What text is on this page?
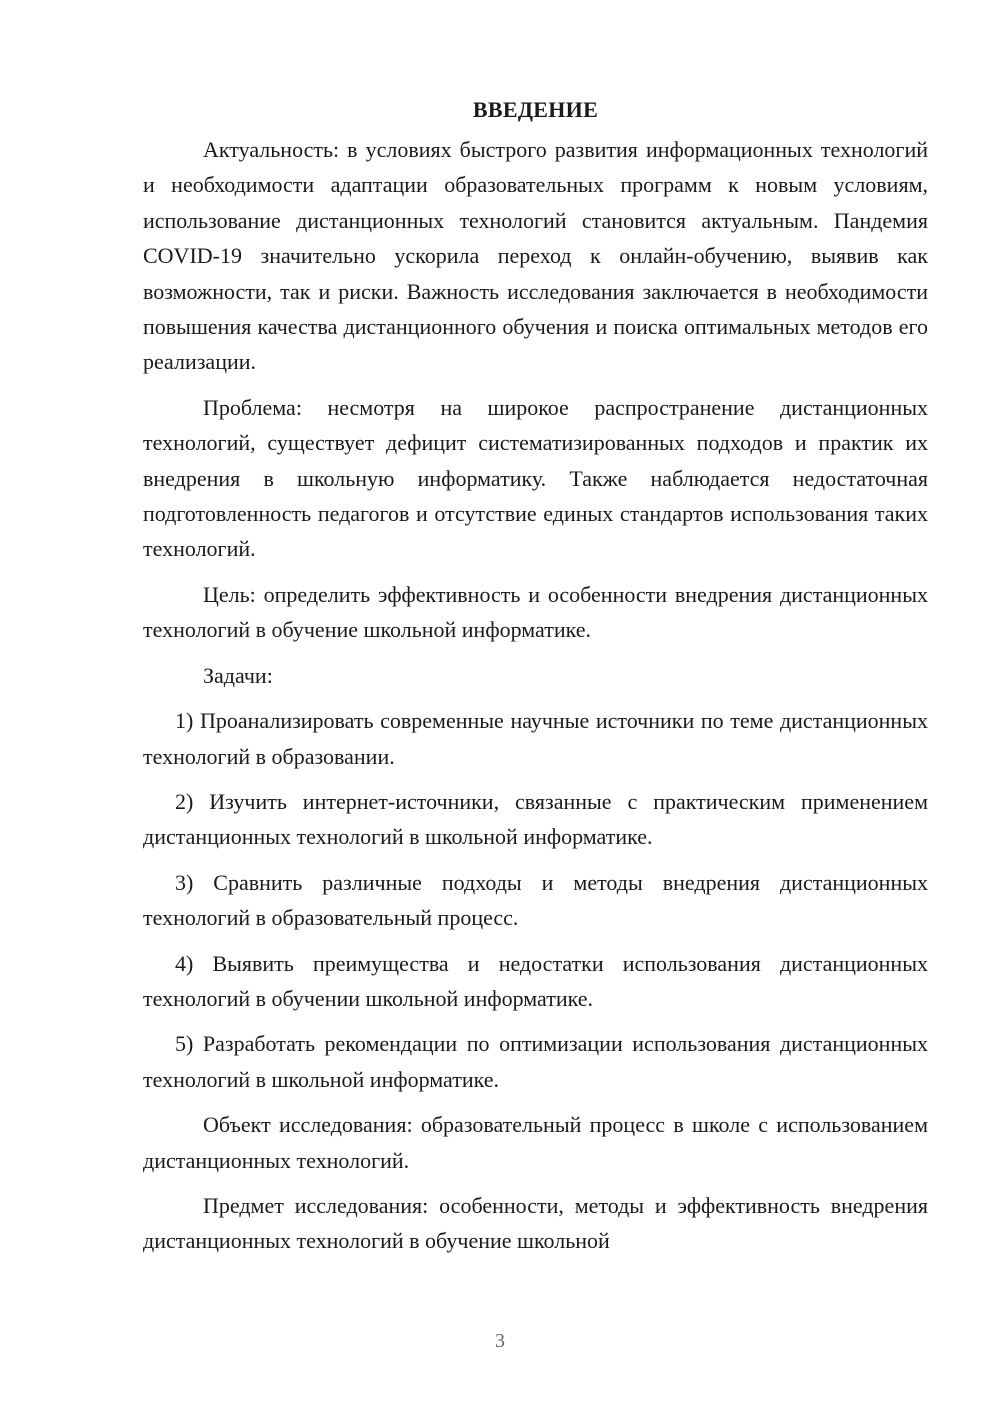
ВВЕДЕНИЕ

Актуальность: в условиях быстрого развития информационных технологий и необходимости адаптации образовательных программ к новым условиям, использование дистанционных технологий становится актуальным. Пандемия COVID-19 значительно ускорила переход к онлайн-обучению, выявив как возможности, так и риски. Важность исследования заключается в необходимости повышения качества дистанционного обучения и поиска оптимальных методов его реализации.

Проблема: несмотря на широкое распространение дистанционных технологий, существует дефицит систематизированных подходов и практик их внедрения в школьную информатику. Также наблюдается недостаточная подготовленность педагогов и отсутствие единых стандартов использования таких технологий.

Цель: определить эффективность и особенности внедрения дистанционных технологий в обучение школьной информатике.

Задачи:

1) Проанализировать современные научные источники по теме дистанционных технологий в образовании.

2) Изучить интернет-источники, связанные с практическим применением дистанционных технологий в школьной информатике.

3) Сравнить различные подходы и методы внедрения дистанционных технологий в образовательный процесс.

4) Выявить преимущества и недостатки использования дистанционных технологий в обучении школьной информатике.

5) Разработать рекомендации по оптимизации использования дистанционных технологий в школьной информатике.

Объект исследования: образовательный процесс в школе с использованием дистанционных технологий.

Предмет исследования: особенности, методы и эффективность внедрения дистанционных технологий в обучение школьной

3
